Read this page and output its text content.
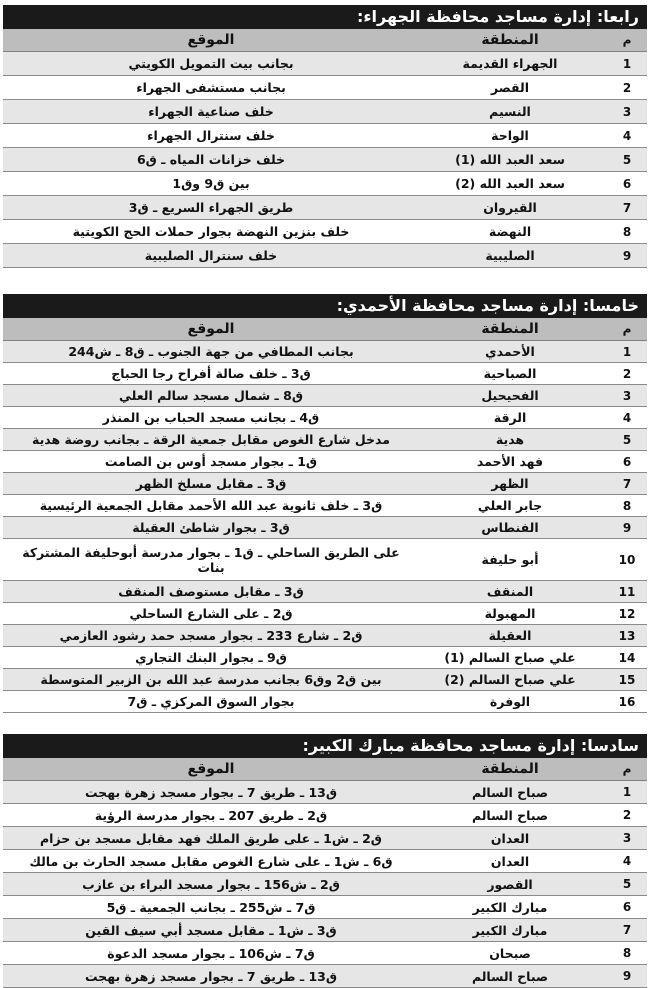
رابعا: إدارة مساجد محافظة الجهراء:
م
المنطقة
الموقع
1
الجهراء القديمة
بجانب بيت التمويل الكويتي
2
القصر
بجانب مستشفى الجهراء
3
النسيم
خلف صناعية الجهراء
4
الواحة
خلف سنترال الجهراء
5
سعد العبد الله (1)
خلف خزانات المياه ـ ق6
6
سعد العبد الله (2)
بين ق9 وق1
7
القيروان
طريق الجهراء السريع ـ ق3
8
النهضة
خلف بنزين النهضة بجوار حملات الحج الكويتية
9
الصليبية
خلف سنترال الصليبية
خامسا: إدارة مساجد محافظة الأحمدي:
م
المنطقة
الموقع
1
الأحمدي
بجانب المطافي من جهة الجنوب ـ ق8 ـ ش244
2
الصباحية
ق3 ـ خلف صالة أفراح رجا الحباج
3
الفحيحيل
ق8 ـ شمال مسجد سالم العلي
4
الرقة
ق4 ـ بجانب مسجد الحباب بن المنذر
5
هدية
مدخل شارع الغوص مقابل جمعية الرقة ـ بجانب روضة هدية
6
فهد الأحمد
ق1 ـ بجوار مسجد أوس بن الصامت
7
الظهر
ق3 ـ مقابل مسلخ الظهر
8
جابر العلي
ق3 ـ خلف ثانوية عبد الله الأحمد مقابل الجمعية الرئيسية
9
الفنطاس
ق3 ـ بجوار شاطئ العقيلة
10
أبو حليفة
على الطريق الساحلي ـ ق1 ـ بجوار مدرسة أبوحليفة المشتركة بنات
11
المنقف
ق3 ـ مقابل مستوصف المنقف
12
المهبولة
ق2 ـ على الشارع الساحلي
13
العقيلة
ق2 ـ شارع 233 ـ بجوار مسجد حمد رشود العازمي
14
علي صباح السالم (1)
ق9 ـ بجوار البنك التجاري
15
علي صباح السالم (2)
بين ق2 وق6 بجانب مدرسة عبد الله بن الزبير المتوسطة
16
الوفرة
بجوار السوق المركزي ـ ق7
سادسا: إدارة مساجد محافظة مبارك الكبير:
م
المنطقة
الموقع
1
صباح السالم
ق13 ـ طريق 7 ـ بجوار مسجد زهرة بهجت
2
صباح السالم
ق2 ـ طريق 207 ـ بجوار مدرسة الرؤية
3
العدان
ق2 ـ ش1 ـ على طريق الملك فهد مقابل مسجد بن حزام
4
العدان
ق6 ـ ش1 ـ على شارع الغوص مقابل مسجد الحارث بن مالك
5
القصور
ق2 ـ ش156 ـ بجوار مسجد البراء بن عازب
6
مبارك الكبير
ق7 ـ ش255 ـ بجانب الجمعية ـ ق5
7
مبارك الكبير
ق3 ـ ش1 ـ مقابل مسجد أبي سيف القين
8
صبحان
ق7 ـ ش106 ـ بجوار مسجد الدعوة
9
صباح السالم
ق13 ـ طريق 7 ـ بجوار مسجد زهرة بهجت
